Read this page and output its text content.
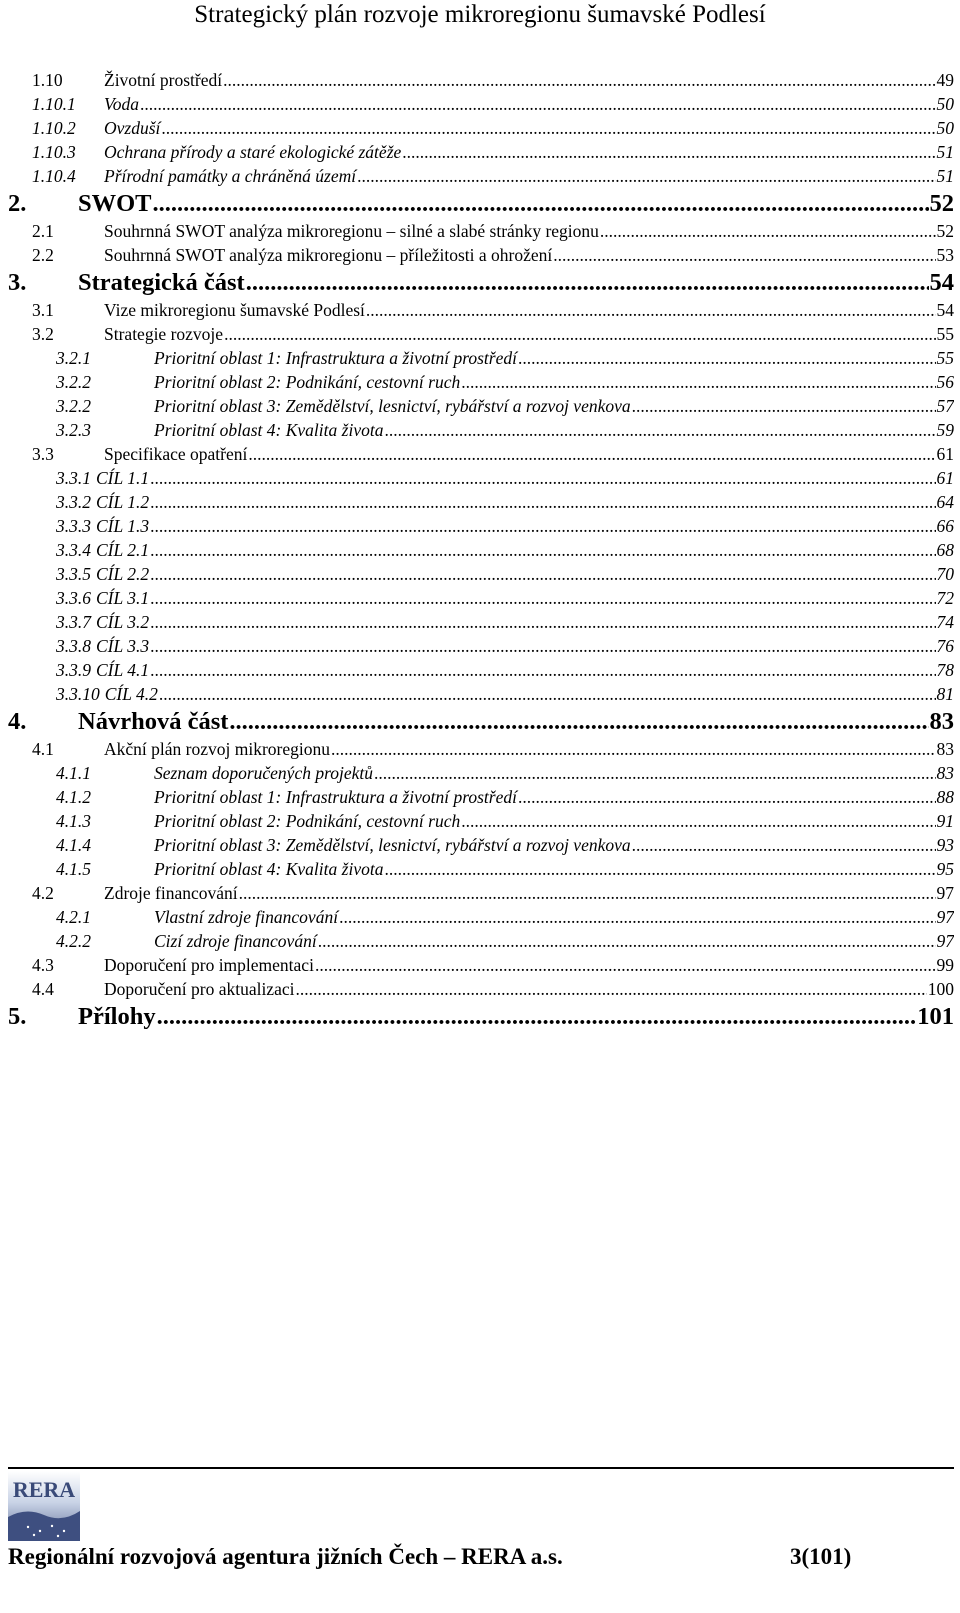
Strategický plán rozvoje mikroregionu šumavské Podlesí
1.10	Životní prostředí .....	49
1.10.1	Voda .....	50
1.10.2	Ovzduší .....	50
1.10.3	Ochrana přírody a staré ekologické zátěže .....	51
1.10.4	Přírodní památky a chráněná území .....	51
2.	SWOT .....	52
2.1	Souhrnná SWOT analýza mikroregionu – silné a slabé stránky regionu .....	52
2.2	Souhrnná SWOT analýza mikroregionu – příležitosti a ohrožení .....	53
3.	Strategická část .....	54
3.1	Vize mikroregionu šumavské Podlesí .....	54
3.2	Strategie rozvoje .....	55
3.2.1	Prioritní oblast 1: Infrastruktura a životní prostředí .....	55
3.2.2	Prioritní oblast 2: Podnikání, cestovní ruch .....	56
3.2.2	Prioritní oblast 3: Zemědělství, lesnictví, rybářství a rozvoj venkova .....	57
3.2.3	Prioritní oblast 4: Kvalita života .....	59
3.3	Specifikace opatření .....	61
3.3.1 CÍL 1.1 .....	61
3.3.2 CÍL 1.2 .....	64
3.3.3 CÍL 1.3 .....	66
3.3.4 CÍL 2.1 .....	68
3.3.5 CÍL 2.2 .....	70
3.3.6 CÍL 3.1 .....	72
3.3.7 CÍL 3.2 .....	74
3.3.8 CÍL 3.3 .....	76
3.3.9 CÍL 4.1 .....	78
3.3.10 CÍL 4.2 .....	81
4.	Návrhová část .....	83
4.1	Akční plán rozvoj mikroregionu .....	83
4.1.1	Seznam doporučených projektů .....	83
4.1.2	Prioritní oblast 1: Infrastruktura a životní prostředí .....	88
4.1.3	Prioritní oblast 2: Podnikání, cestovní ruch .....	91
4.1.4	Prioritní oblast 3: Zemědělství, lesnictví, rybářství a rozvoj venkova .....	93
4.1.5	Prioritní oblast 4: Kvalita života .....	95
4.2	Zdroje financování .....	97
4.2.1	Vlastní zdroje financování .....	97
4.2.2	Cizí zdroje financování .....	97
4.3	Doporučení pro implementaci .....	99
4.4	Doporučení pro aktualizaci .....	100
5.	Přílohy .....	101
RERA
Regionální rozvojová agentura jižních Čech – RERA a.s.	3(101)
